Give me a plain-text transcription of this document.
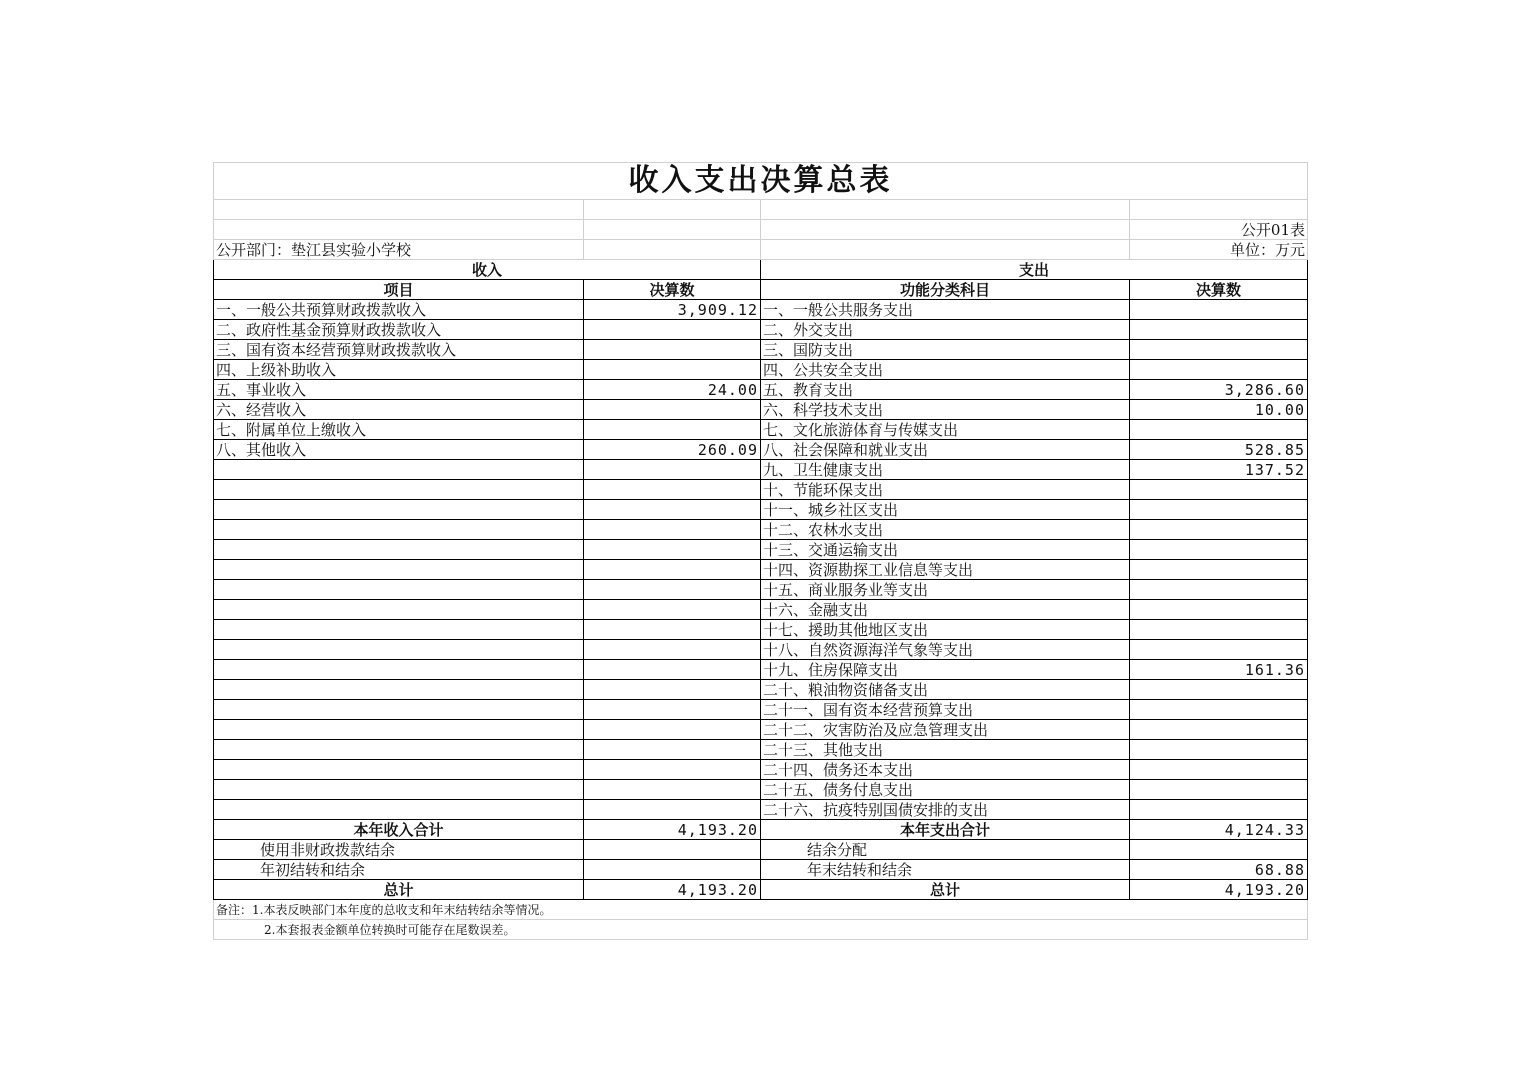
收入支出决算总表			

			公开01表
公开部门：垫江县实验小学校			单位：万元
收入		支出	
项目	决算数	功能分类科目	决算数
一、一般公共预算财政拨款收入	3,909.12	一、一般公共服务支出	
二、政府性基金预算财政拨款收入		二、外交支出	
三、国有资本经营预算财政拨款收入		三、国防支出	
四、上级补助收入		四、公共安全支出	
五、事业收入	24.00	五、教育支出	3,286.60
六、经营收入		六、科学技术支出	10.00
七、附属单位上缴收入		七、文化旅游体育与传媒支出	
八、其他收入	260.09	八、社会保障和就业支出	528.85
		九、卫生健康支出	137.52
		十、节能环保支出	
		十一、城乡社区支出	
		十二、农林水支出	
		十三、交通运输支出	
		十四、资源勘探工业信息等支出	
		十五、商业服务业等支出	
		十六、金融支出	
		十七、援助其他地区支出	
		十八、自然资源海洋气象等支出	
		十九、住房保障支出	161.36
		二十、粮油物资储备支出	
		二十一、国有资本经营预算支出	
		二十二、灾害防治及应急管理支出	
		二十三、其他支出	
		二十四、债务还本支出	
		二十五、债务付息支出	
		二十六、抗疫特别国债安排的支出	
本年收入合计	4,193.20	本年支出合计	4,124.33
使用非财政拨款结余		结余分配	
年初结转和结余		年末结转和结余	68.88
总计	4,193.20	总计	4,193.20
备注：1.本表反映部门本年度的总收支和年末结转结余等情况。			
2.本套报表金额单位转换时可能存在尾数误差。			
